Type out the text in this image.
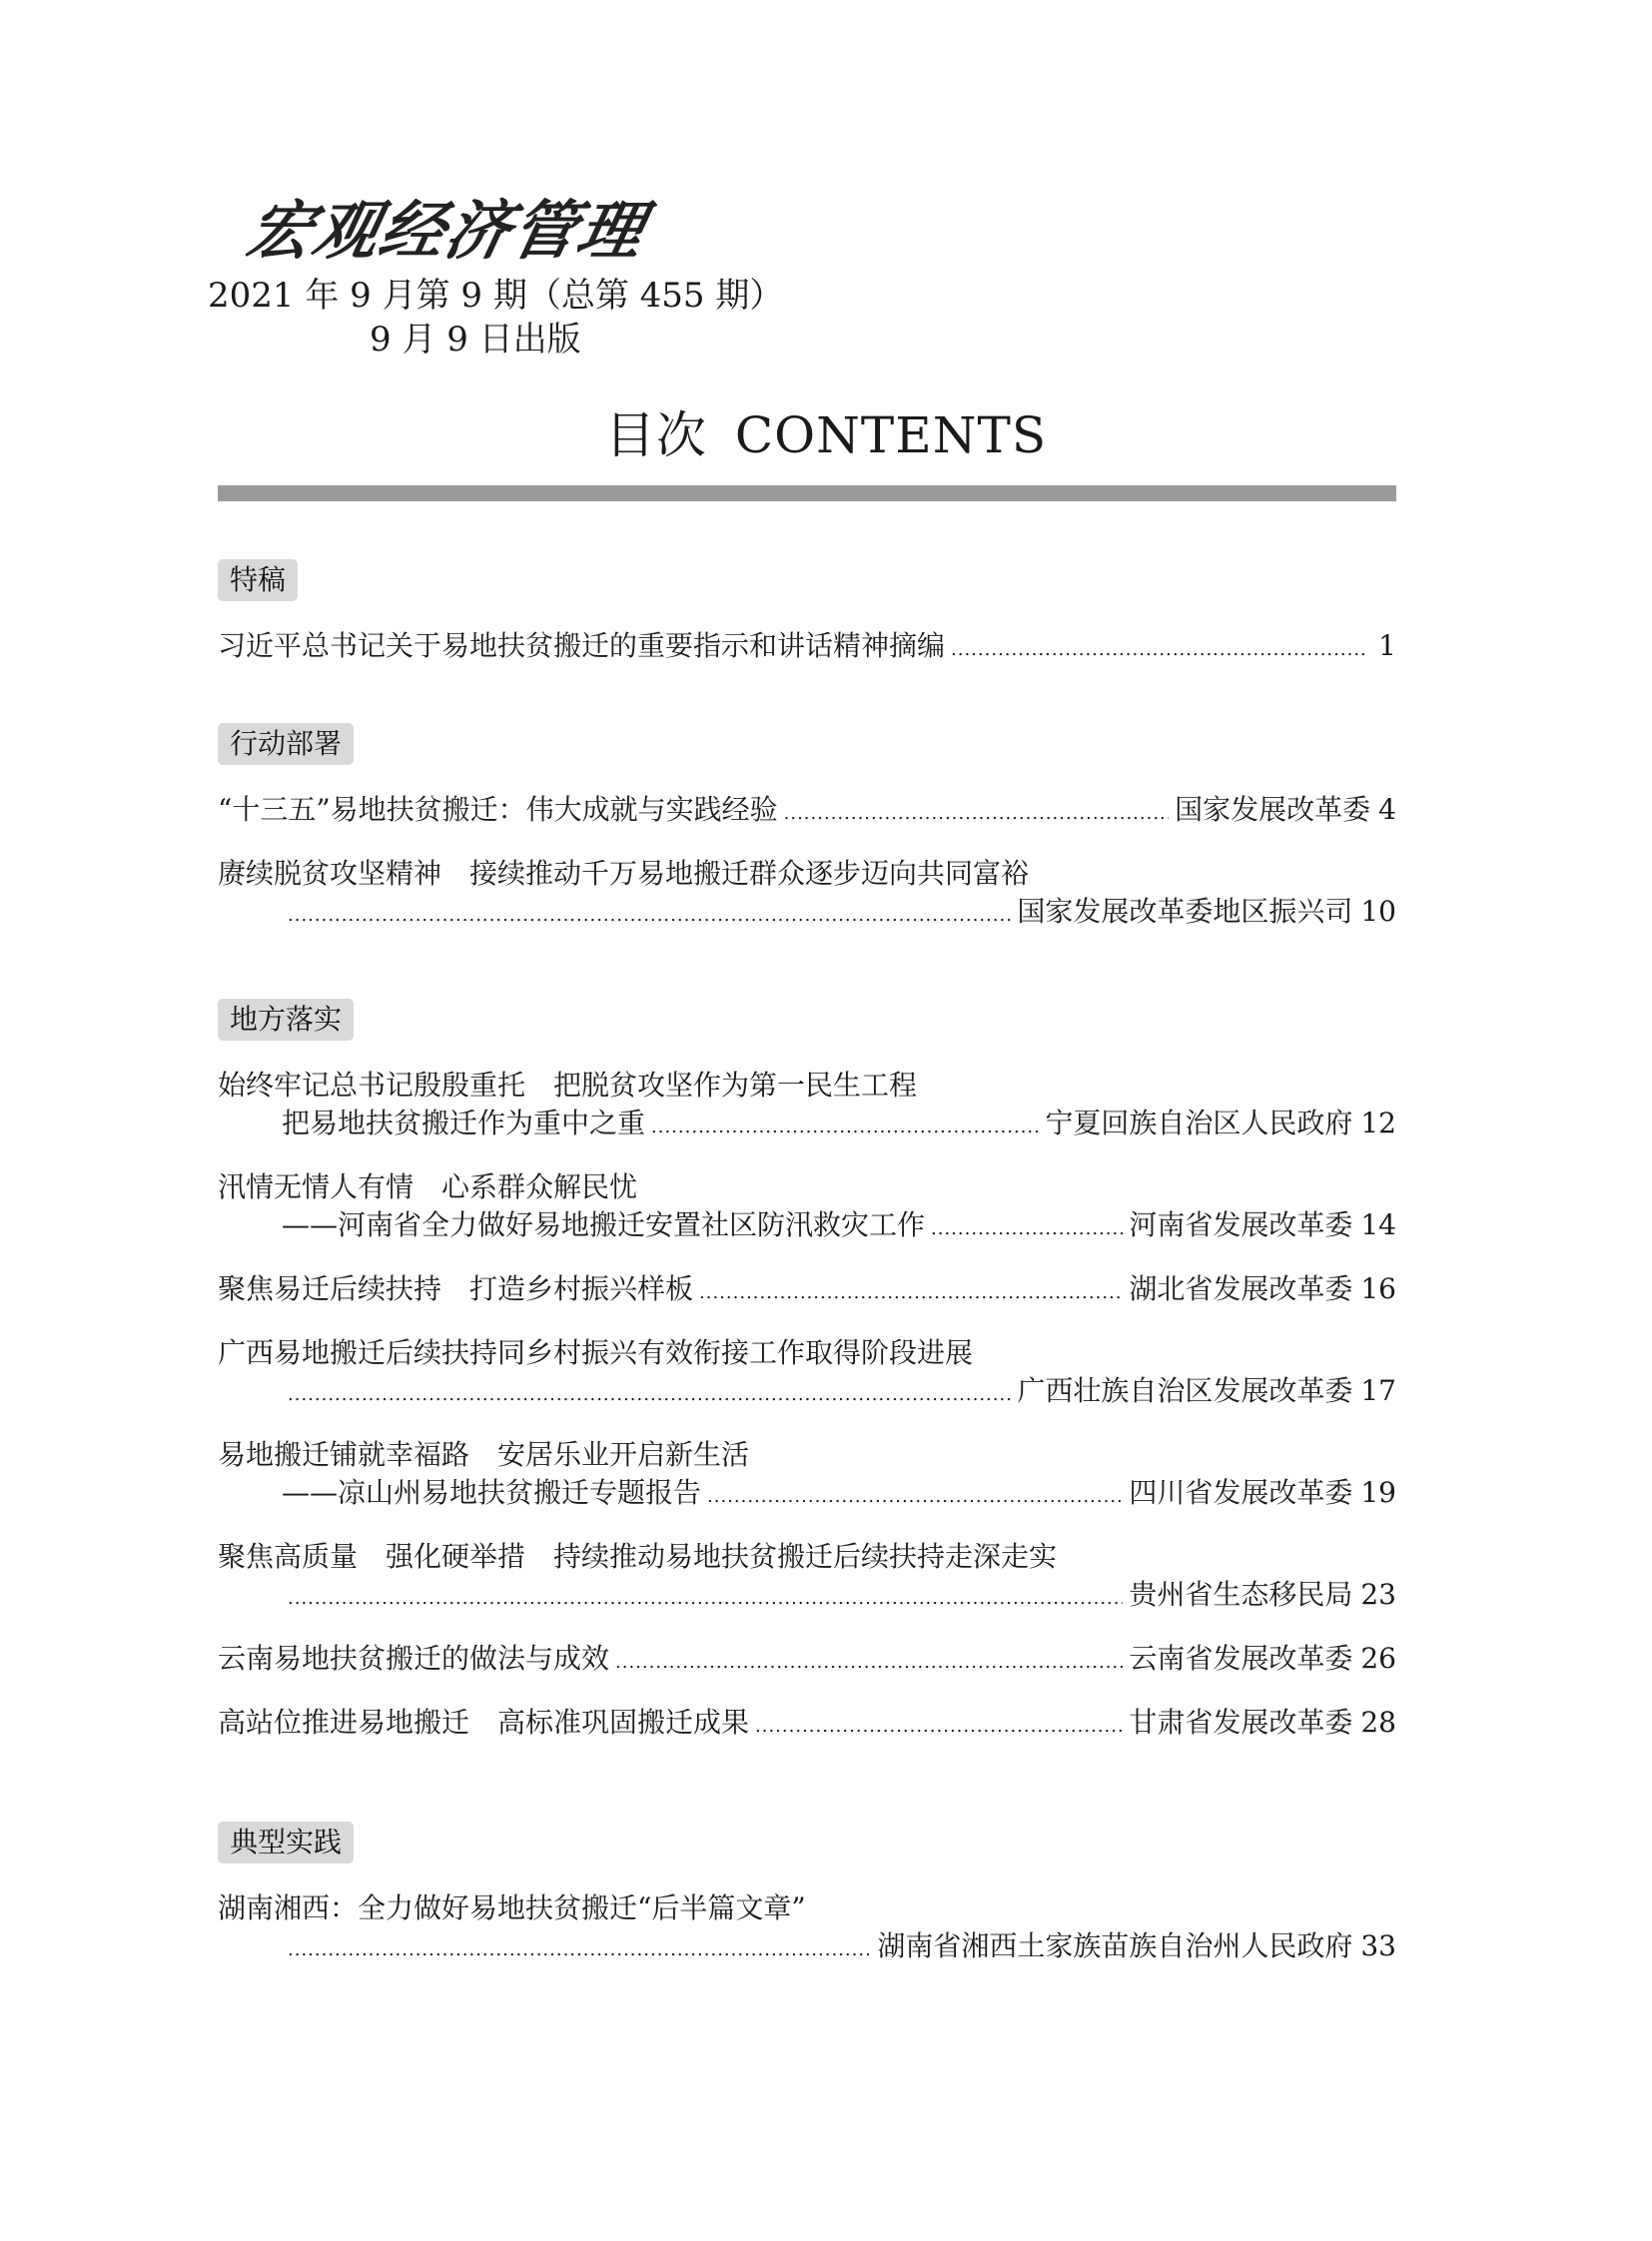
宏观经济管理
2021 年 9 月第 9 期（总第 455 期）
9 月 9 日出版
目次 CONTENTS
特稿
习近平总书记关于易地扶贫搬迁的重要指示和讲话精神摘编 .....	1
行动部署
“十三五”易地扶贫搬迁：伟大成就与实践经验 .....	国家发展改革委 4
赓续脱贫攻坚精神　接续推动千万易地搬迁群众逐步迈向共同富裕
.....
国家发展改革委地区振兴司 10
地方落实
始终牢记总书记殷殷重托　把脱贫攻坚作为第一民生工程
把易地扶贫搬迁作为重中之重 .....	宁夏回族自治区人民政府 12
汛情无情人有情　心系群众解民忧
——河南省全力做好易地搬迁安置社区防汛救灾工作 .....	河南省发展改革委 14
聚焦易迁后续扶持　打造乡村振兴样板 .....	湖北省发展改革委 16
广西易地搬迁后续扶持同乡村振兴有效衔接工作取得阶段进展
.....
广西壮族自治区发展改革委 17
易地搬迁铺就幸福路　安居乐业开启新生活
——凉山州易地扶贫搬迁专题报告 .....	四川省发展改革委 19
聚焦高质量　强化硬举措　持续推动易地扶贫搬迁后续扶持走深走实
.....
贵州省生态移民局 23
云南易地扶贫搬迁的做法与成效 .....	云南省发展改革委 26
高站位推进易地搬迁　高标准巩固搬迁成果 .....	甘肃省发展改革委 28
典型实践
湖南湘西：全力做好易地扶贫搬迁“后半篇文章”
.....
湖南省湘西土家族苗族自治州人民政府 33
